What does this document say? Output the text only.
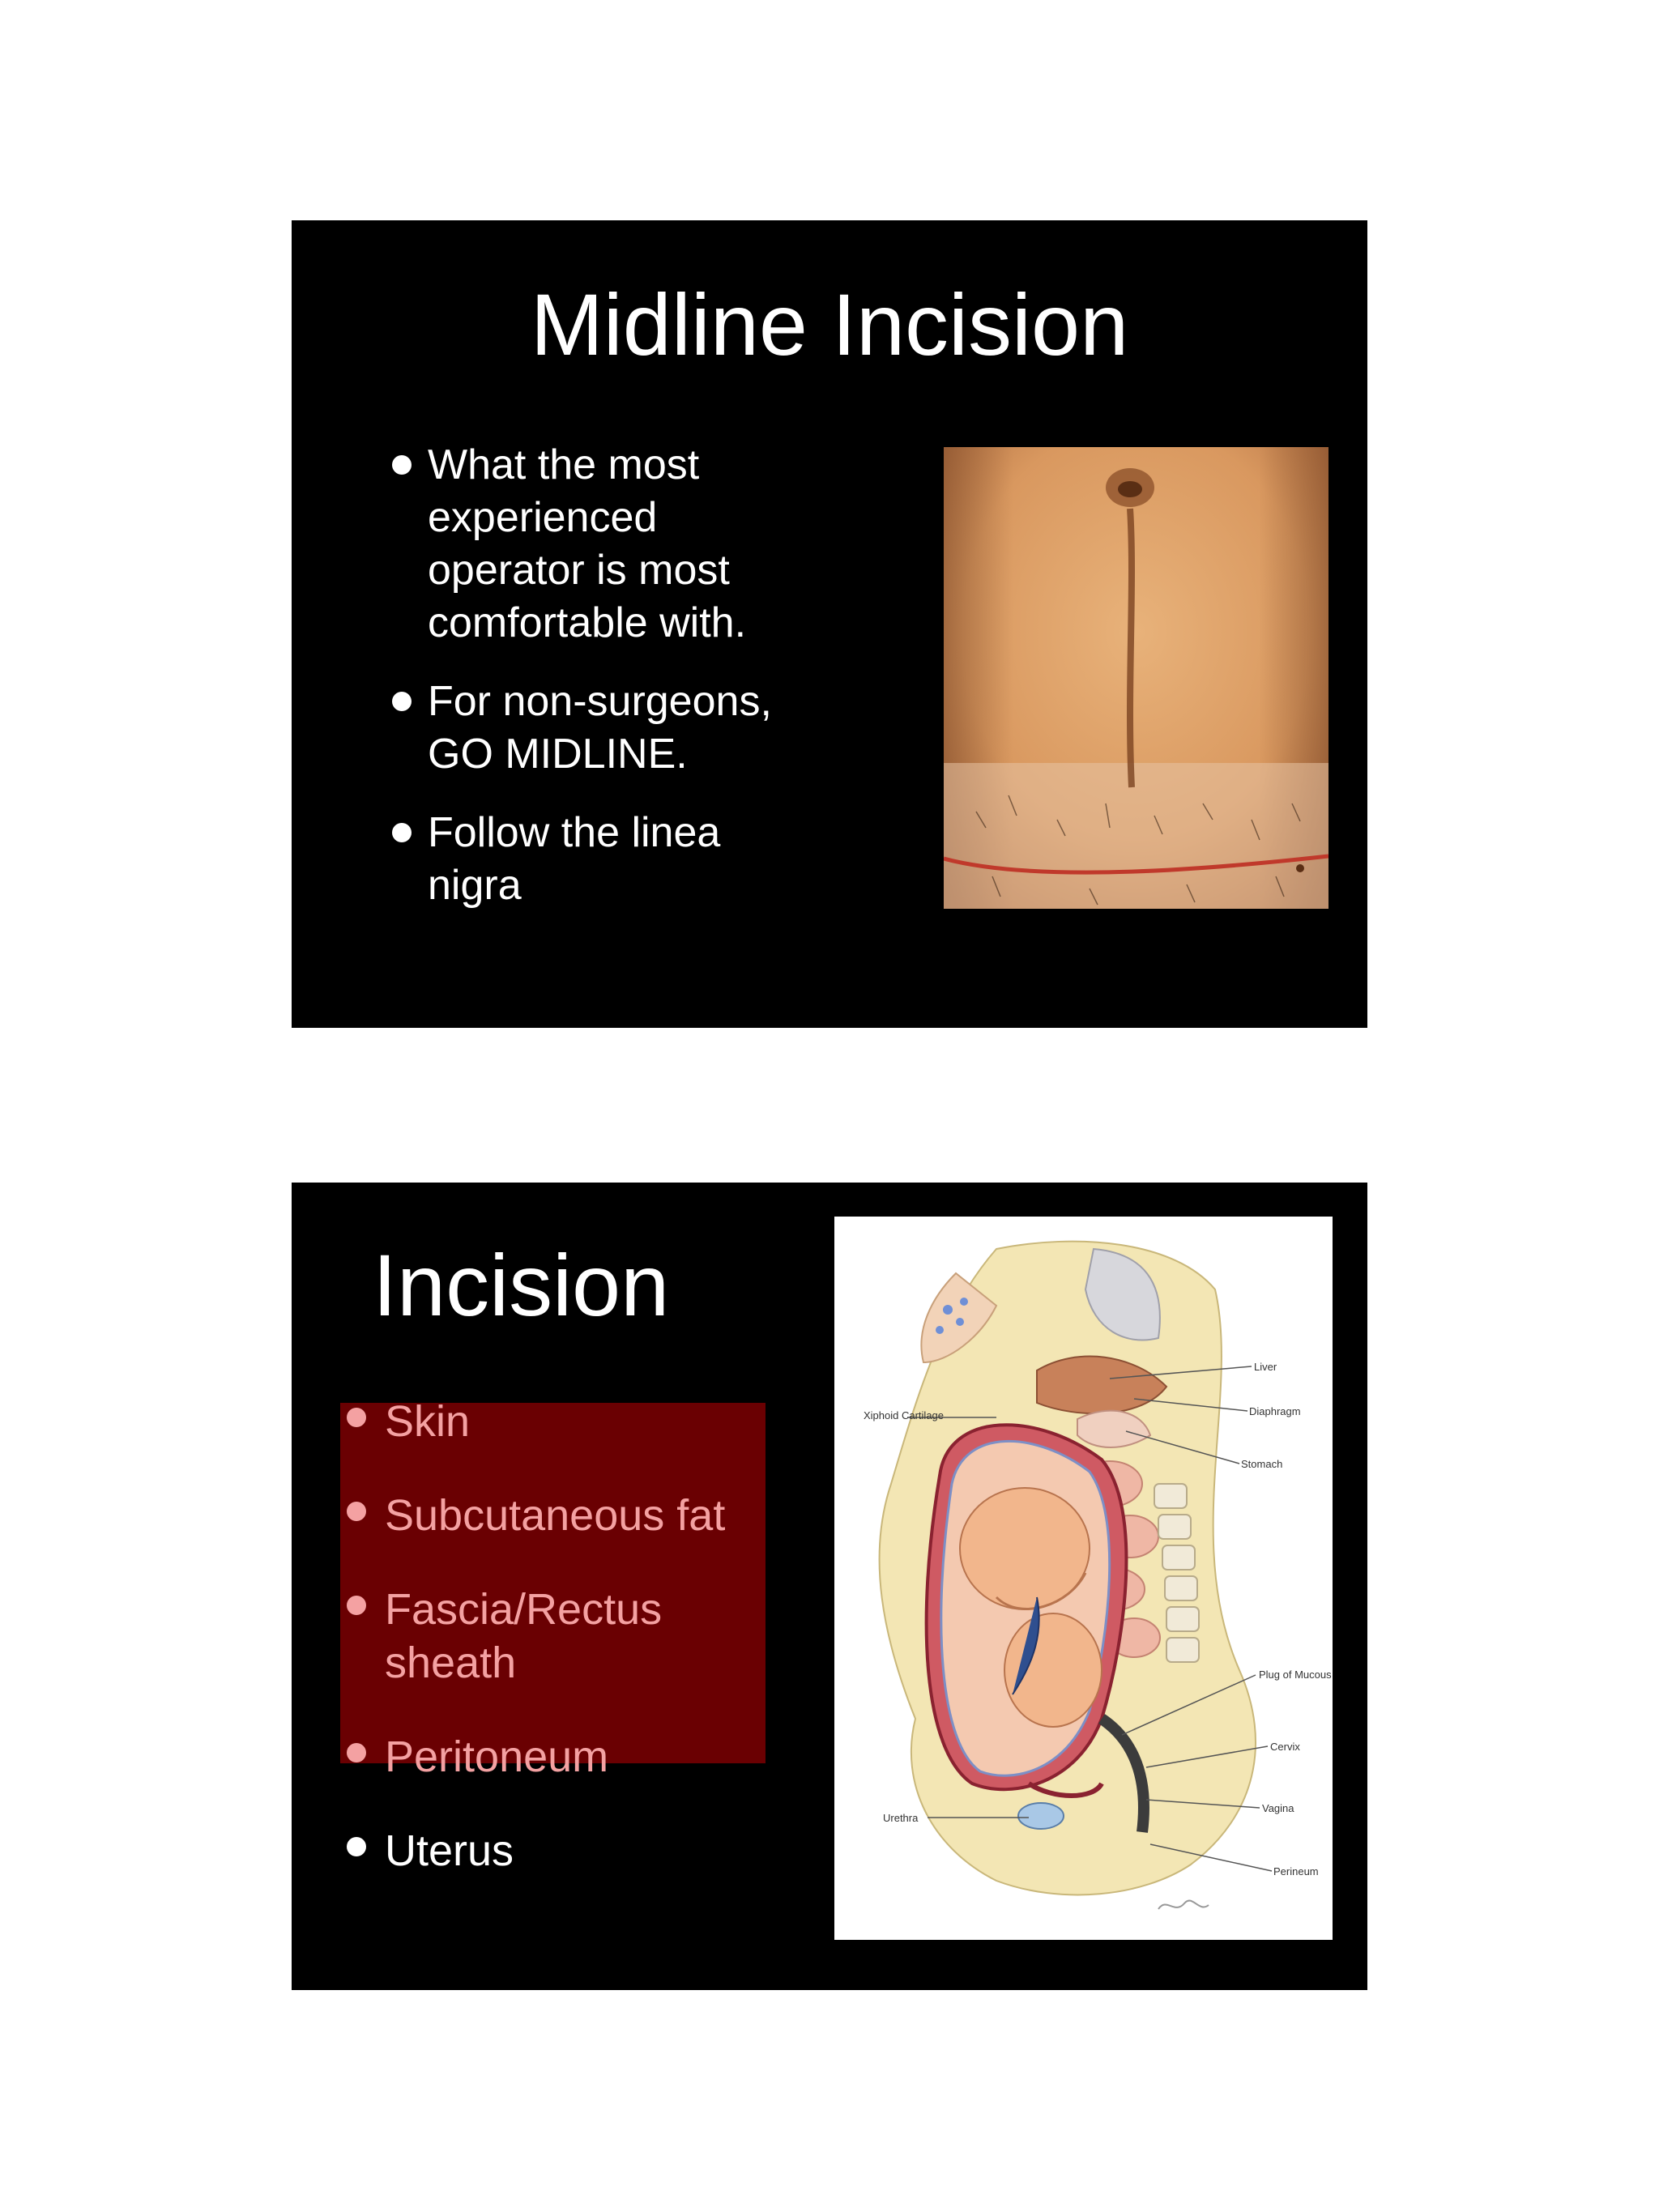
Midline Incision
What the most experienced operator is most comfortable with.
For non-surgeons, GO MIDLINE.
Follow the linea nigra
Incision
Skin
Subcutaneous fat
Fascia/Rectus sheath
Peritoneum
Uterus
Liver
Diaphragm
Stomach
Xiphoid Cartilage
Plug of Mucous
Cervix
Vagina
Urethra
Perineum
